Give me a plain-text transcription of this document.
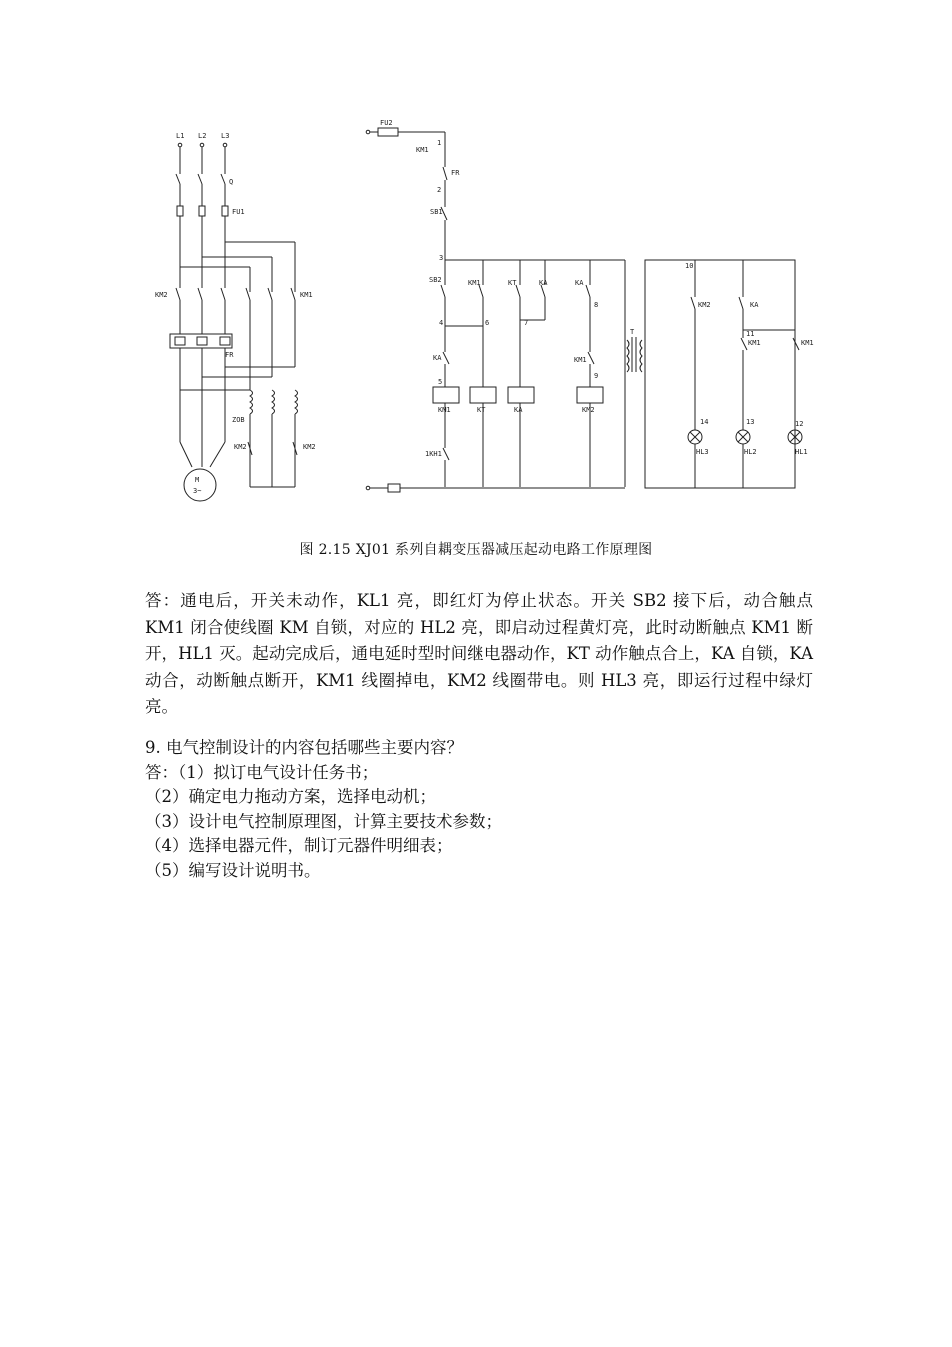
L1 L2 L3
Q
FU1
KM2	KM1
FR
ZOB
KM2	KM2
M
3~
FU2
1
KM1
FR
2
SB1
3
SB2	KM1	KT	KA	KA
8
4	6	7
KA	KM1
9
5
KM1	KT	KA	KM2
1KH1
T
10
KM2	KA
11
KM1	KM1
14	13	12
HL3	HL2	HL1
图 2.15 XJ01 系列自耦变压器减压起动电路工作原理图
答：通电后，开关未动作，KL1 亮，即红灯为停止状态。开关 SB2 接下后，动合触点 KM1 闭合使线圈 KM 自锁，对应的 HL2 亮，即启动过程黄灯亮，此时动断触点 KM1 断开，HL1 灭。起动完成后，通电延时型时间继电器动作，KT 动作触点合上，KA 自锁，KA 动合，动断触点断开，KM1 线圈掉电，KM2 线圈带电。则 HL3 亮，即运行过程中绿灯亮。

9. 电气控制设计的内容包括哪些主要内容？

答：（1）拟订电气设计任务书；

（2）确定电力拖动方案，选择电动机；

（3）设计电气控制原理图，计算主要技术参数；

（4）选择电器元件，制订元器件明细表；

（5）编写设计说明书。
